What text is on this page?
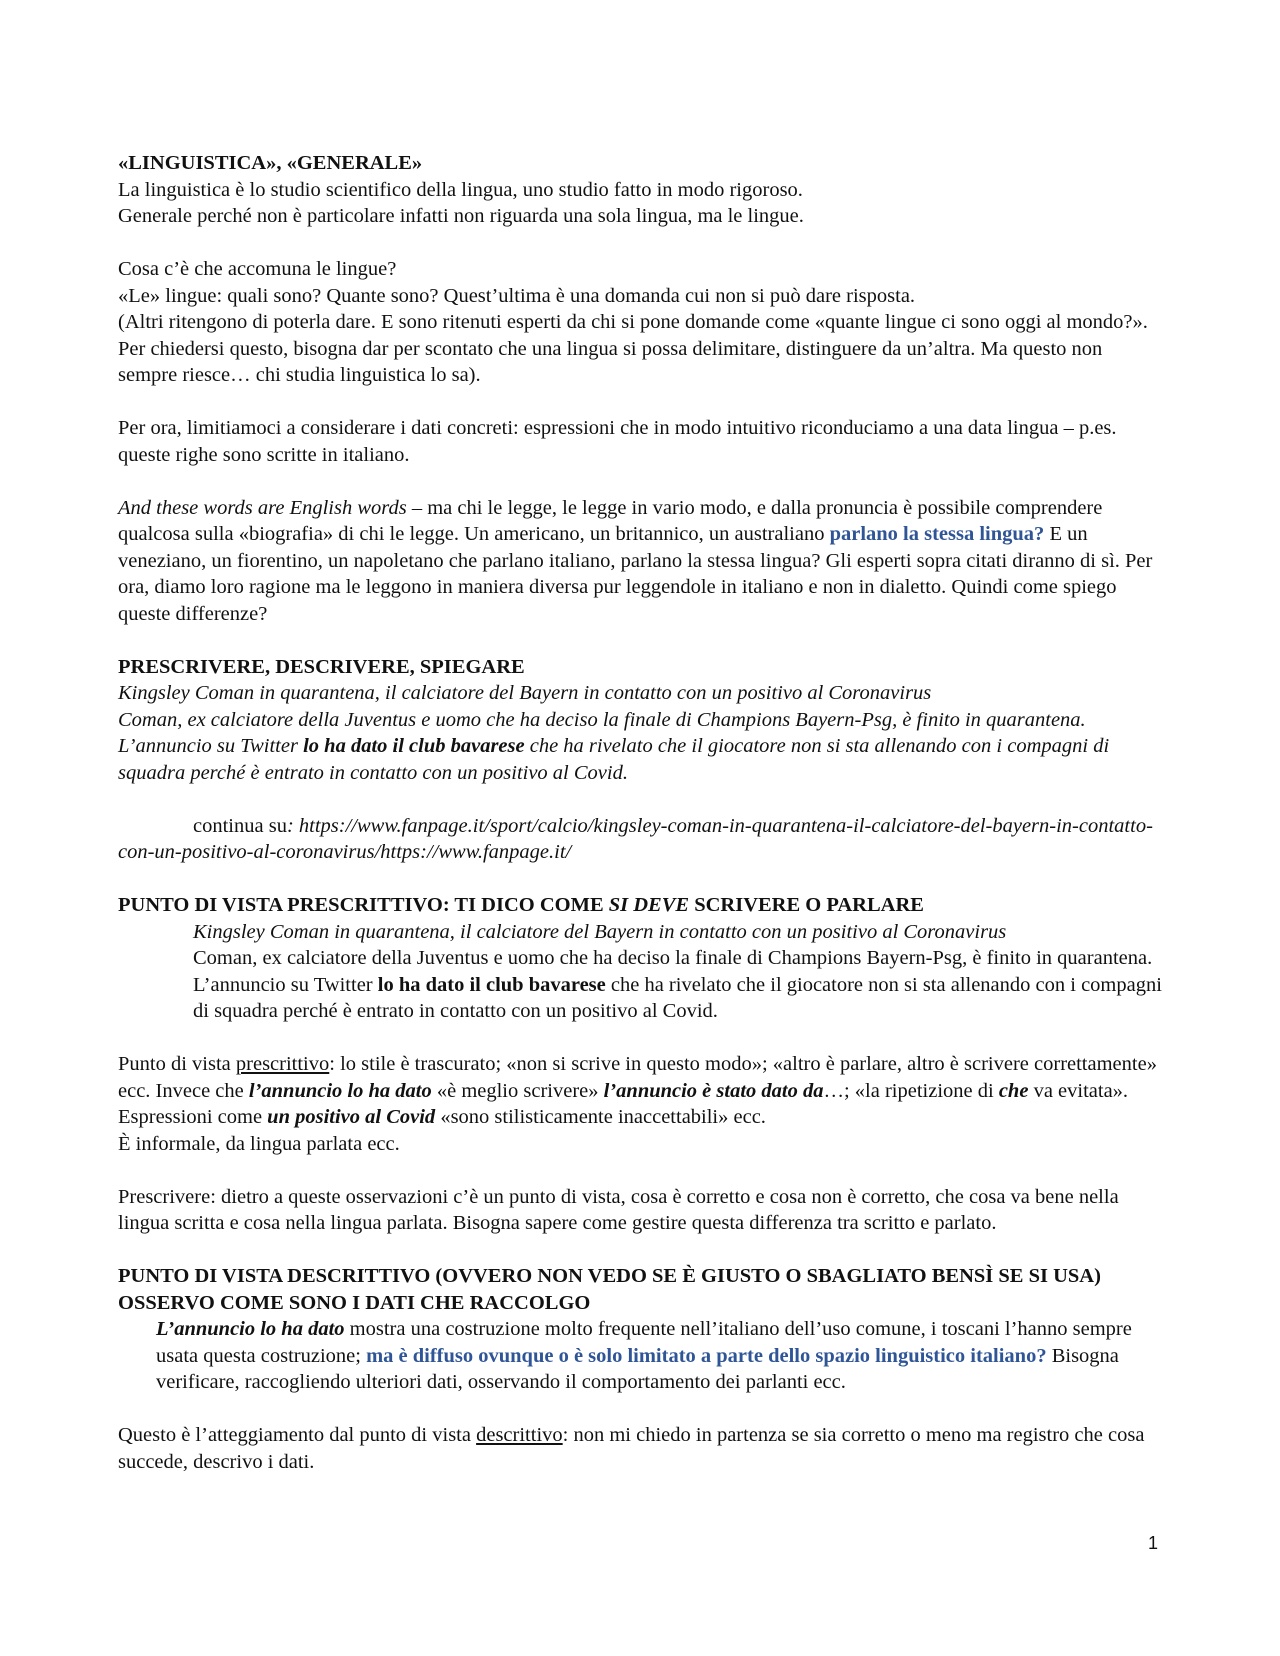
«LINGUISTICA», «GENERALE»

La linguistica è lo studio scientifico della lingua, uno studio fatto in modo rigoroso.

Generale perché non è particolare infatti non riguarda una sola lingua, ma le lingue.

Cosa c’è che accomuna le lingue?

«Le» lingue: quali sono? Quante sono? Quest’ultima è una domanda cui non si può dare risposta.

(Altri ritengono di poterla dare. E sono ritenuti esperti da chi si pone domande come «quante lingue ci sono oggi al mondo?». Per chiedersi questo, bisogna dar per scontato che una lingua si possa delimitare, distinguere da un’altra. Ma questo non sempre riesce… chi studia linguistica lo sa).

Per ora, limitiamoci a considerare i dati concreti: espressioni che in modo intuitivo riconduciamo a una data lingua – p.es. queste righe sono scritte in italiano.

And these words are English words – ma chi le legge, le legge in vario modo, e dalla pronuncia è possibile comprendere qualcosa sulla «biografia» di chi le legge. Un americano, un britannico, un australiano parlano la stessa lingua? E un veneziano, un fiorentino, un napoletano che parlano italiano, parlano la stessa lingua? Gli esperti sopra citati diranno di sì. Per ora, diamo loro ragione ma le leggono in maniera diversa pur leggendole in italiano e non in dialetto. Quindi come spiego queste differenze?

PRESCRIVERE, DESCRIVERE, SPIEGARE

Kingsley Coman in quarantena, il calciatore del Bayern in contatto con un positivo al Coronavirus

Coman, ex calciatore della Juventus e uomo che ha deciso la finale di Champions Bayern-Psg, è finito in quarantena. L’annuncio su Twitter lo ha dato il club bavarese che ha rivelato che il giocatore non si sta allenando con i compagni di squadra perché è entrato in contatto con un positivo al Covid.

continua su: https://www.fanpage.it/sport/calcio/kingsley-coman-in-quarantena-il-calciatore-del-bayern-in-contatto-con-un-positivo-al-coronavirus/https://www.fanpage.it/

PUNTO DI VISTA PRESCRITTIVO: TI DICO COME SI DEVE SCRIVERE O PARLARE

Kingsley Coman in quarantena, il calciatore del Bayern in contatto con un positivo al Coronavirus

Coman, ex calciatore della Juventus e uomo che ha deciso la finale di Champions Bayern-Psg, è finito in quarantena. L’annuncio su Twitter lo ha dato il club bavarese che ha rivelato che il giocatore non si sta allenando con i compagni di squadra perché è entrato in contatto con un positivo al Covid.

Punto di vista prescrittivo: lo stile è trascurato; «non si scrive in questo modo»; «altro è parlare, altro è scrivere correttamente» ecc. Invece che l’annuncio lo ha dato «è meglio scrivere» l’annuncio è stato dato da…; «la ripetizione di che va evitata». Espressioni come un positivo al Covid «sono stilisticamente inaccettabili» ecc.

È informale, da lingua parlata ecc.

Prescrivere: dietro a queste osservazioni c’è un punto di vista, cosa è corretto e cosa non è corretto, che cosa va bene nella lingua scritta e cosa nella lingua parlata. Bisogna sapere come gestire questa differenza tra scritto e parlato.

PUNTO DI VISTA DESCRITTIVO (OVVERO NON VEDO SE È GIUSTO O SBAGLIATO BENSÌ SE SI USA) OSSERVO COME SONO I DATI CHE RACCOLGO

L’annuncio lo ha dato mostra una costruzione molto frequente nell’italiano dell’uso comune, i toscani l’hanno sempre usata questa costruzione; ma è diffuso ovunque o è solo limitato a parte dello spazio linguistico italiano? Bisogna verificare, raccogliendo ulteriori dati, osservando il comportamento dei parlanti ecc.

Questo è l’atteggiamento dal punto di vista descrittivo: non mi chiedo in partenza se sia corretto o meno ma registro che cosa succede, descrivo i dati.

1
